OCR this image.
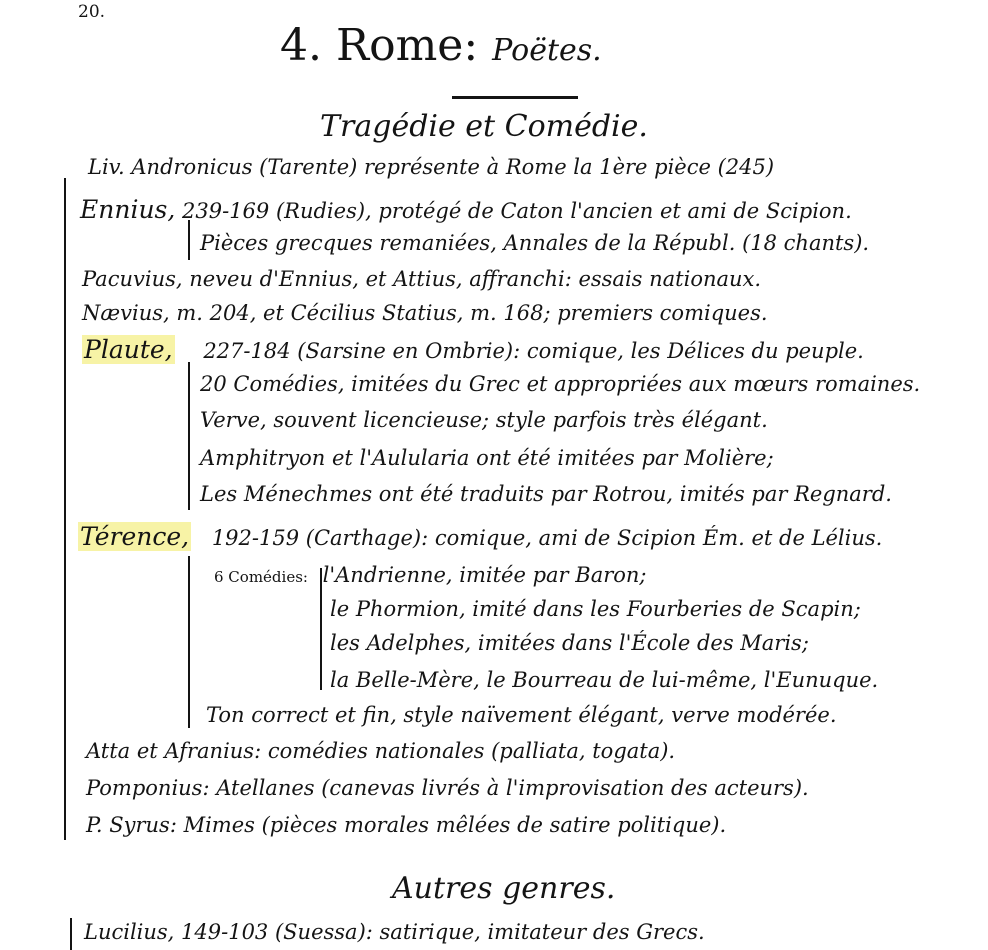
20.
4. Rome: Poëtes.
Tragédie et Comédie.
Liv. Andronicus (Tarente) représente à Rome la 1ère pièce (245)
Ennius, 239-169 (Rudies), protégé de Caton l'ancien et ami de Scipion.
Pièces grecques remaniées, Annales de la Républ. (18 chants).
Pacuvius, neveu d'Ennius, et Attius, affranchi: essais nationaux.
Nævius, m. 204, et Cécilius Statius, m. 168; premiers comiques.
Plaute, 227-184 (Sarsine en Ombrie): comique, les Délices du peuple.
20 Comédies, imitées du Grec et appropriées aux mœurs romaines.
Verve, souvent licencieuse; style parfois très élégant.
Amphitryon et l'Aulularia ont été imitées par Molière;
Les Ménechmes ont été traduits par Rotrou, imités par Regnard.
Térence, 192-159 (Carthage): comique, ami de Scipion Ém. et de Lélius.
6 Comédies: l'Andrienne, imitée par Baron;
le Phormion, imité dans les Fourberies de Scapin;
les Adelphes, imitées dans l'École des Maris;
la Belle-Mère, le Bourreau de lui-même, l'Eunuque.
Ton correct et fin, style naïvement élégant, verve modérée.
Atta et Afranius: comédies nationales (palliata, togata).
Pomponius: Atellanes (canevas livrés à l'improvisation des acteurs).
P. Syrus: Mimes (pièces morales mêlées de satire politique).
Autres genres.
Lucilius, 149-103 (Suessa): satirique, imitateur des Grecs.
